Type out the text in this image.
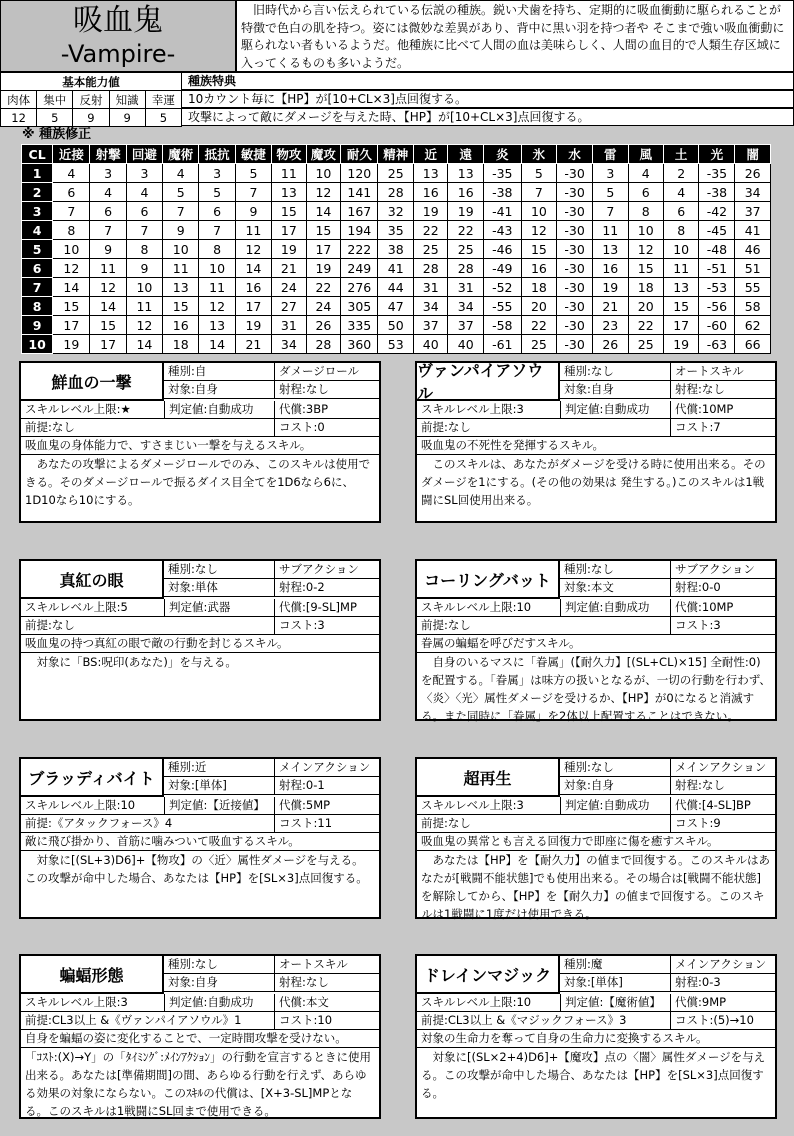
吸血鬼
-Vampire-
　旧時代から言い伝えられている伝説の種族。鋭い犬歯を持ち、定期的に吸血衝動に駆られることが特徴で色白の肌を持つ。姿には微妙な差異があり、背中に黒い羽を持つ者や そこまで強い吸血衝動に駆られない者もいるようだ。他種族に比べて人間の血は美味らしく、人間の血目的で人類生存区域に入ってくるものも多いようだ。
基本能力値				
肉体	集中	反射	知識	幸運
12	5	9	9	5
種族特典
10カウント毎に【HP】が[10+CL×3]点回復する。
攻撃によって敵にダメージを与えた時、【HP】が[10+CL×3]点回復する。
※ 種族修正
CL	近接	射撃	回避	魔術	抵抗	敏捷	物攻	魔攻	耐久	精神	近	遠	炎	氷	水	雷	風	土	光	闇
1	4	3	3	4	3	5	11	10	120	25	13	13	-35	5	-30	3	4	2	-35	26
2	6	4	4	5	5	7	13	12	141	28	16	16	-38	7	-30	5	6	4	-38	34
3	7	6	6	7	6	9	15	14	167	32	19	19	-41	10	-30	7	8	6	-42	37
4	8	7	7	9	7	11	17	15	194	35	22	22	-43	12	-30	11	10	8	-45	41
5	10	9	8	10	8	12	19	17	222	38	25	25	-46	15	-30	13	12	10	-48	46
6	12	11	9	11	10	14	21	19	249	41	28	28	-49	16	-30	16	15	11	-51	51
7	14	12	10	13	11	16	24	22	276	44	31	31	-52	18	-30	19	18	13	-53	55
8	15	14	11	15	12	17	27	24	305	47	34	34	-55	20	-30	21	20	15	-56	58
9	17	15	12	16	13	19	31	26	335	50	37	37	-58	22	-30	23	22	17	-60	62
10	19	17	14	18	14	21	34	28	360	53	40	40	-61	25	-30	26	25	19	-63	66
鮮血の一撃
種別:自	ダメージロール
対象:自身	射程:なし
スキルレベル上限:★	判定値:自動成功	代償:3BP
前提:なし	コスト:0
吸血鬼の身体能力で、すさまじい一撃を与えるスキル。
　あなたの攻撃によるダメージロールでのみ、このスキルは使用できる。そのダメージロールで振るダイス目全てを1D6なら6に、1D10なら10にする。
ヴァンパイアソウル
種別:なし	オートスキル
対象:自身	射程:なし
スキルレベル上限:3	判定値:自動成功	代償:10MP
前提:なし	コスト:7
吸血鬼の不死性を発揮するスキル。
　このスキルは、あなたがダメージを受ける時に使用出来る。そのダメージを1にする。(その他の効果は 発生する。)このスキルは1戦闘にSL回使用出来る。
真紅の眼
種別:なし	サブアクション
対象:単体	射程:0-2
スキルレベル上限:5	判定値:武器	代償:[9-SL]MP
前提:なし	コスト:3
吸血鬼の持つ真紅の眼で敵の行動を封じるスキル。
　対象に「BS:呪印(あなた)」を与える。
コーリングバット
種別:なし	サブアクション
対象:本文	射程:0-0
スキルレベル上限:10	判定値:自動成功	代償:10MP
前提:なし	コスト:3
眷属の蝙蝠を呼びだすスキル。
　自身のいるマスに「眷属」(【耐久力】[(SL+CL)×15] 全耐性:0)を配置する。「眷属」は味方の扱いとなるが、一切の行動を行わず、〈炎〉〈光〉属性ダメージを受けるか、【HP】が0になると消滅する。また同時に「眷属」を2体以上配置することはできない。
ブラッディバイト
種別:近	メインアクション
対象:[単体]	射程:0-1
スキルレベル上限:10	判定値:【近接値】	代償:5MP
前提:《アタックフォース》4	コスト:11
敵に飛び掛かり、首筋に噛みついて吸血するスキル。
　対象に[(SL+3)D6]+【物攻】の〈近〉属性ダメージを与える。この攻撃が命中した場合、あなたは【HP】を[SL×3]点回復する。
超再生
種別:なし	メインアクション
対象:自身	射程:なし
スキルレベル上限:3	判定値:自動成功	代償:[4-SL]BP
前提:なし	コスト:9
吸血鬼の異常とも言える回復力で即座に傷を癒すスキル。
　あなたは【HP】を【耐久力】の値まで回復する。このスキルはあなたが[戦闘不能状態]でも使用出来る。その場合は[戦闘不能状態]を解除してから、【HP】を【耐久力】の値まで回復する。このスキルは1戦闘に1度だけ使用できる。
蝙蝠形態
種別:なし	オートスキル
対象:自身	射程:なし
スキルレベル上限:3	判定値:自動成功	代償:本文
前提:CL3以上 &《ヴァンパイアソウル》1	コスト:10
自身を蝙蝠の姿に変化することで、一定時間攻撃を受けない。
「ｺｽﾄ:(X)→Y」の「ﾀｲﾐﾝｸﾞ:ﾒｲﾝｱｸｼｮﾝ」の行動を宣言するときに使用出来る。あなたは[準備期間]の間、あらゆる行動を行えず、あらゆる効果の対象にならない。このｽｷﾙの代償は、[X+3-SL]MPとなる。このスキルは1戦闘にSL回まで使用できる。
ドレインマジック
種別:魔	メインアクション
対象:[単体]	射程:0-3
スキルレベル上限:10	判定値:【魔術値】	代償:9MP
前提:CL3以上 &《マジックフォース》3	コスト:(5)→10
対象の生命力を奪って自身の生命力に変換するスキル。
　対象に[(SL×2+4)D6]+【魔攻】点の〈闇〉属性ダメージを与える。この攻撃が命中した場合、あなたは【HP】を[SL×3]点回復する。
